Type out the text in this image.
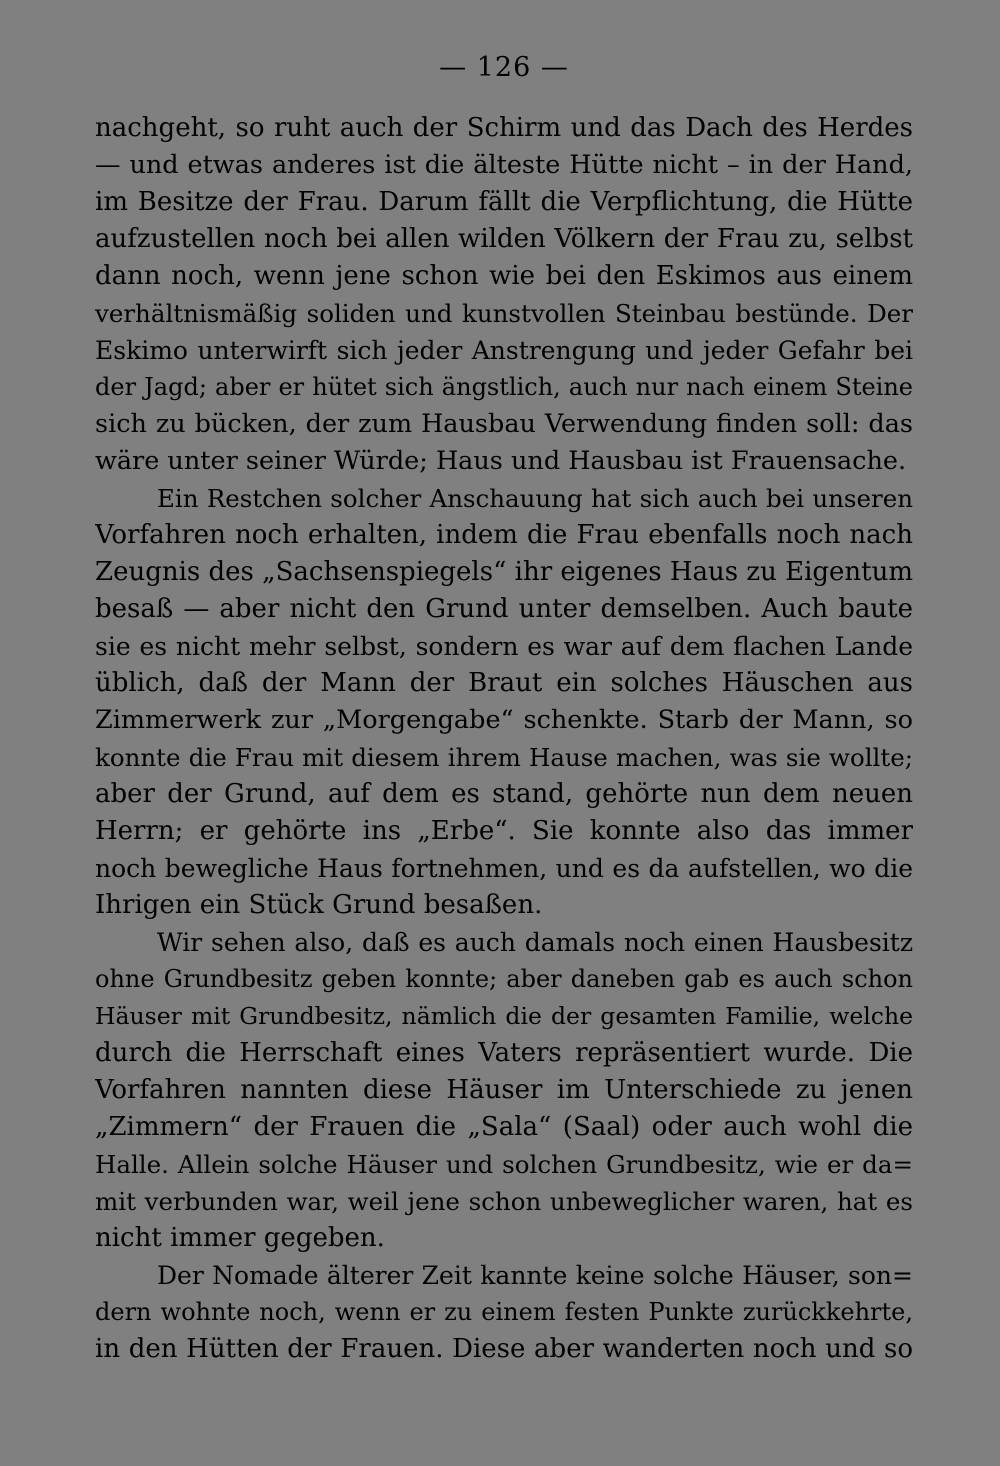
— 126 —
nachgeht, so ruht auch der Schirm und das Dach des Herdes
— und etwas anderes ist die älteste Hütte nicht – in der Hand,
im Besitze der Frau. Darum fällt die Verpflichtung, die Hütte
aufzustellen noch bei allen wilden Völkern der Frau zu, selbst
dann noch, wenn jene schon wie bei den Eskimos aus einem
verhältnismäßig soliden und kunstvollen Steinbau bestünde. Der
Eskimo unterwirft sich jeder Anstrengung und jeder Gefahr bei
der Jagd; aber er hütet sich ängstlich, auch nur nach einem Steine
sich zu bücken, der zum Hausbau Verwendung finden soll: das
wäre unter seiner Würde; Haus und Hausbau ist Frauensache.
Ein Restchen solcher Anschauung hat sich auch bei unseren
Vorfahren noch erhalten, indem die Frau ebenfalls noch nach
Zeugnis des „Sachsenspiegels“ ihr eigenes Haus zu Eigentum
besaß — aber nicht den Grund unter demselben. Auch baute
sie es nicht mehr selbst, sondern es war auf dem flachen Lande
üblich, daß der Mann der Braut ein solches Häuschen aus
Zimmerwerk zur „Morgengabe“ schenkte. Starb der Mann, so
konnte die Frau mit diesem ihrem Hause machen, was sie wollte;
aber der Grund, auf dem es stand, gehörte nun dem neuen
Herrn; er gehörte ins „Erbe“. Sie konnte also das immer
noch bewegliche Haus fortnehmen, und es da aufstellen, wo die
Ihrigen ein Stück Grund besaßen.
Wir sehen also, daß es auch damals noch einen Hausbesitz
ohne Grundbesitz geben konnte; aber daneben gab es auch schon
Häuser mit Grundbesitz, nämlich die der gesamten Familie, welche
durch die Herrschaft eines Vaters repräsentiert wurde. Die
Vorfahren nannten diese Häuser im Unterschiede zu jenen
„Zimmern“ der Frauen die „Sala“ (Saal) oder auch wohl die
Halle. Allein solche Häuser und solchen Grundbesitz, wie er da=
mit verbunden war, weil jene schon unbeweglicher waren, hat es
nicht immer gegeben.
Der Nomade älterer Zeit kannte keine solche Häuser, son=
dern wohnte noch, wenn er zu einem festen Punkte zurückkehrte,
in den Hütten der Frauen. Diese aber wanderten noch und so
